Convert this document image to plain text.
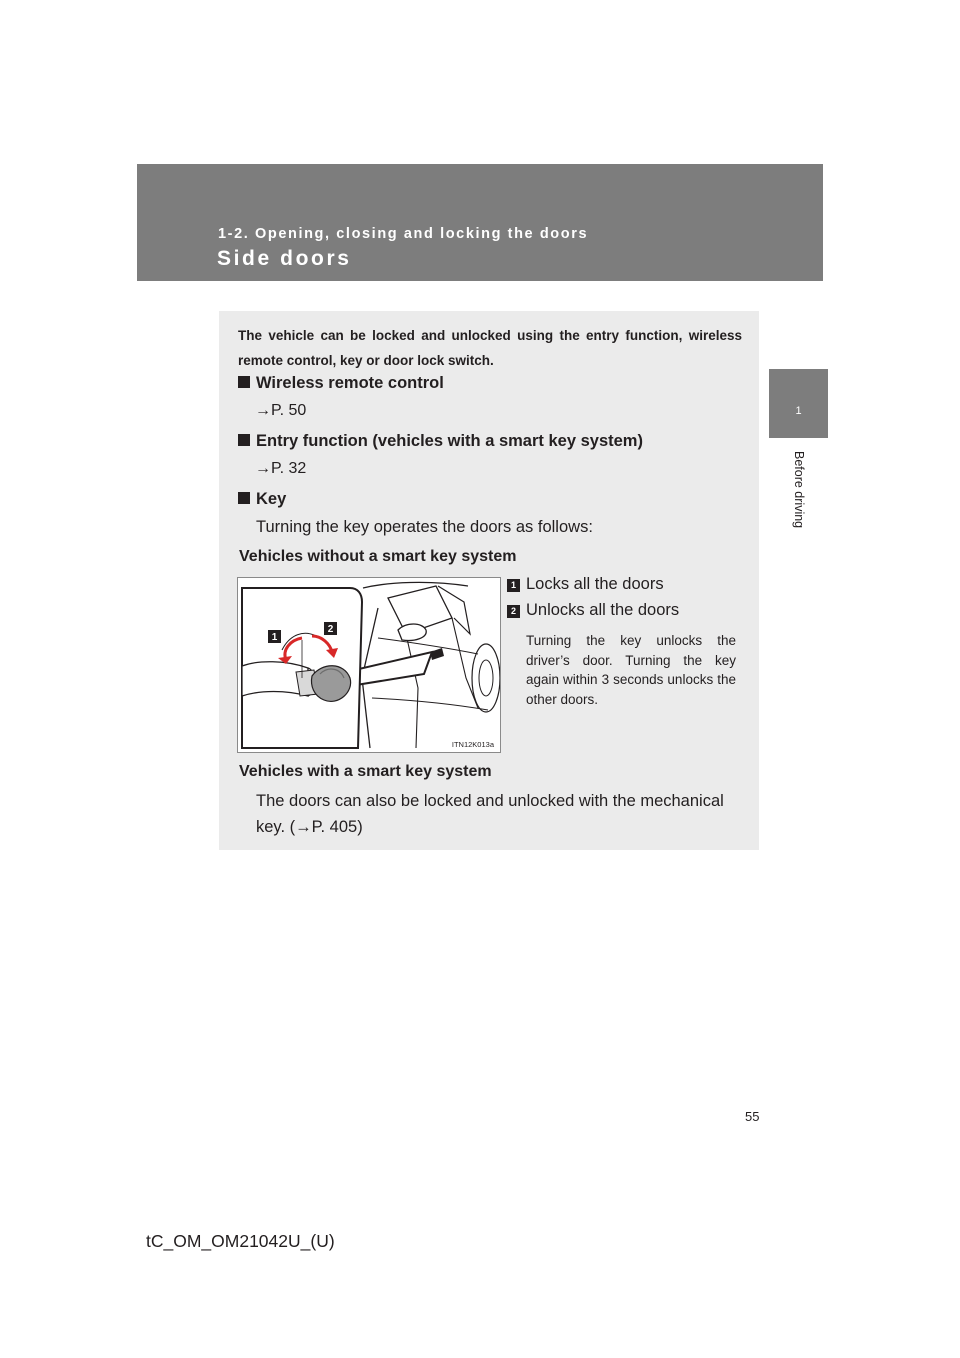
1-2. Opening, closing and locking the doors
Side doors
1
Before driving
The vehicle can be locked and unlocked using the entry function, wireless remote control, key or door lock switch.
Wireless remote control
→P. 50
Entry function (vehicles with a smart key system)
→P. 32
Key
Turning the key operates the doors as follows:
Vehicles without a smart key system
1
2
ITN12K013a
1 Locks all the doors
2 Unlocks all the doors
Turning the key unlocks the driver’s door. Turning the key again within 3 seconds unlocks the other doors.
Vehicles with a smart key system
The doors can also be locked and unlocked with the mechanical key. (→P. 405)
55
tC_OM_OM21042U_(U)
